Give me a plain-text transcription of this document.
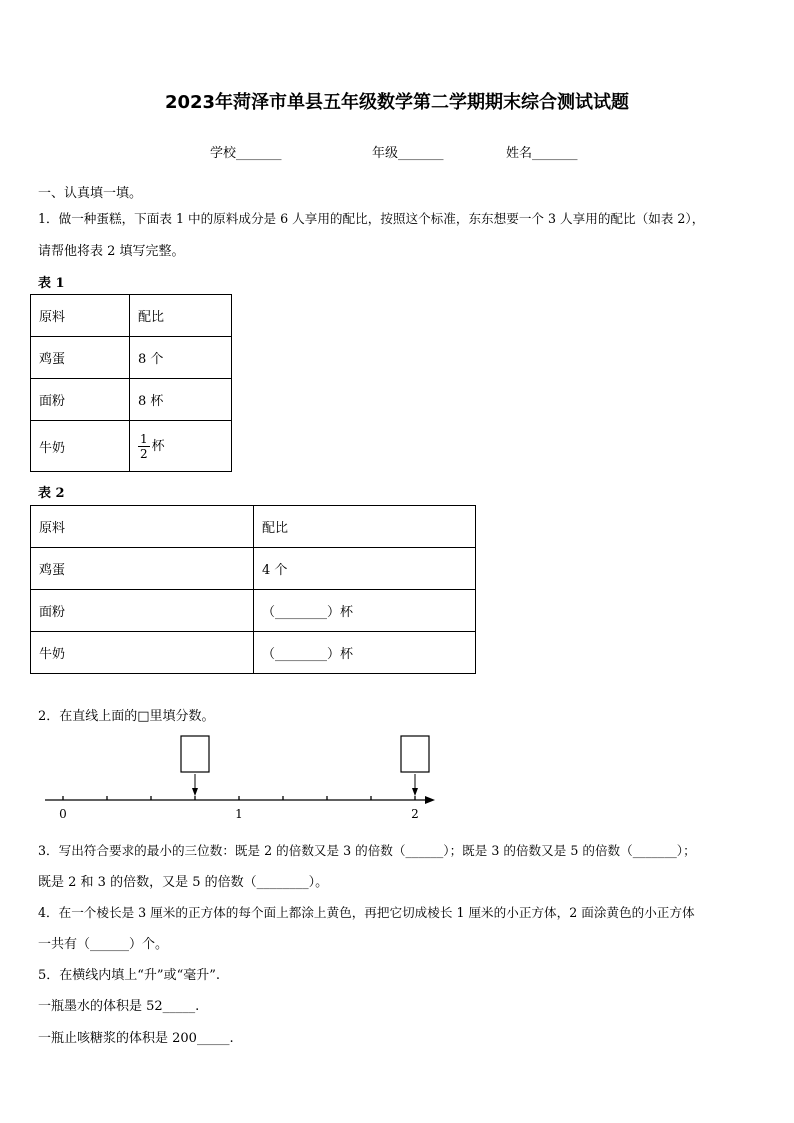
2023年菏泽市单县五年级数学第二学期期末综合测试试题
学校_______	年级_______	姓名_______
一、认真填一填。
1．做一种蛋糕，下面表 1 中的原料成分是 6 人享用的配比，按照这个标准，东东想要一个 3 人享用的配比（如表 2），
请帮他将表 2 填写完整。
表 1
原料	配比
鸡蛋	8 个
面粉	8 杯
牛奶	$\frac{1}{2}$ 杯
表 2
原料	配比
鸡蛋	4 个
面粉	（________）杯
牛奶	（________）杯
2．在直线上面的□里填分数。
0	1	2
3．写出符合要求的最小的三位数：既是 2 的倍数又是 3 的倍数（______）；既是 3 的倍数又是 5 的倍数（_______）；
既是 2 和 3 的倍数，又是 5 的倍数（________）。
4．在一个棱长是 3 厘米的正方体的每个面上都涂上黄色，再把它切成棱长 1 厘米的小正方体，2 面涂黄色的小正方体
一共有（______）个。
5．在横线内填上“升”或“毫升”.
一瓶墨水的体积是 52_____.
一瓶止咳糖浆的体积是 200_____.
